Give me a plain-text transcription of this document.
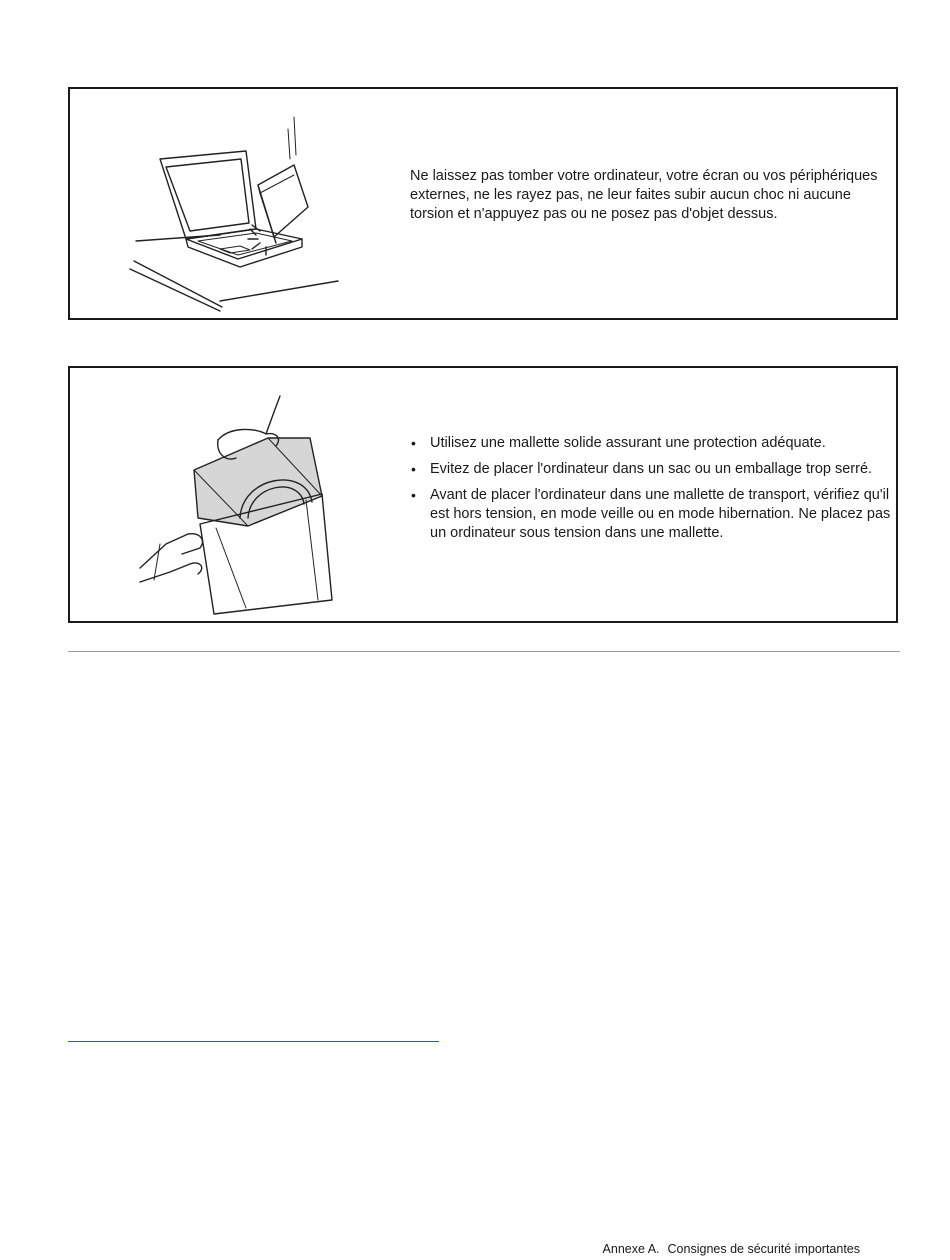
Ne laissez pas tomber votre ordinateur, votre écran ou vos périphériques externes, ne les rayez pas, ne leur faites subir aucun choc ni aucune torsion et n'appuyez pas ou ne posez pas d'objet dessus.
• Utilisez une mallette solide assurant une protection adéquate.
• Evitez de placer l'ordinateur dans un sac ou un emballage trop serré.
• Avant de placer l'ordinateur dans une mallette de transport, vérifiez qu'il est hors tension, en mode veille ou en mode hibernation. Ne placez pas un ordinateur sous tension dans une mallette.
Annexe A. Consignes de sécurité importantes
